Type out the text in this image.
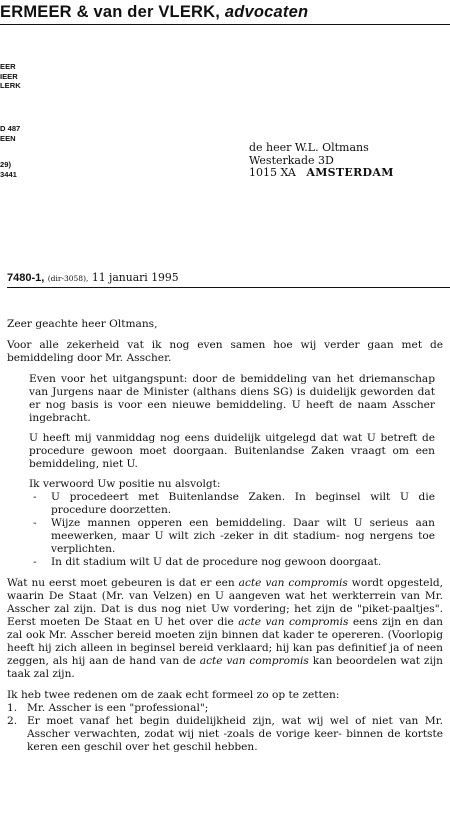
ERMEER & van der VLERK, advocaten
EER
IEER
LERK
D 487
EEN
29)
3441
de heer W.L. Oltmans
Westerkade 3D
1015 XA AMSTERDAM
7480-1, (dir-3058), 11 januari 1995

Zeer geachte heer Oltmans,

Voor alle zekerheid vat ik nog even samen hoe wij verder gaan met de bemiddeling door Mr. Asscher.

Even voor het uitgangspunt: door de bemiddeling van het driemanschap van Jurgens naar de Minister (althans diens SG) is duidelijk geworden dat er nog basis is voor een nieuwe bemiddeling. U heeft de naam Asscher ingebracht.

U heeft mij vanmiddag nog eens duidelijk uitgelegd dat wat U betreft de procedure gewoon moet doorgaan. Buitenlandse Zaken vraagt om een bemiddeling, niet U.

Ik verwoord Uw positie nu alsvolgt:

- U procedeert met Buitenlandse Zaken. In beginsel wilt U die procedure doorzetten.

- Wijze mannen opperen een bemiddeling. Daar wilt U serieus aan meewerken, maar U wilt zich -zeker in dit stadium- nog nergens toe verplichten.

- In dit stadium wilt U dat de procedure nog gewoon doorgaat.

Wat nu eerst moet gebeuren is dat er een acte van compromis wordt opgesteld, waarin De Staat (Mr. van Velzen) en U aangeven wat het werkterrein van Mr. Asscher zal zijn. Dat is dus nog niet Uw vordering; het zijn de "piket-paaltjes". Eerst moeten De Staat en U het over die acte van compromis eens zijn en dan zal ook Mr. Asscher bereid moeten zijn binnen dat kader te opereren. (Voorlopig heeft hij zich alleen in beginsel bereid verklaard; hij kan pas definitief ja of neen zeggen, als hij aan de hand van de acte van compromis kan beoordelen wat zijn taak zal zijn.

Ik heb twee redenen om de zaak echt formeel zo op te zetten:

1. Mr. Asscher is een "professional";

2. Er moet vanaf het begin duidelijkheid zijn, wat wij wel of niet van Mr. Asscher verwachten, zodat wij niet -zoals de vorige keer- binnen de kortste keren een geschil over het geschil hebben.
